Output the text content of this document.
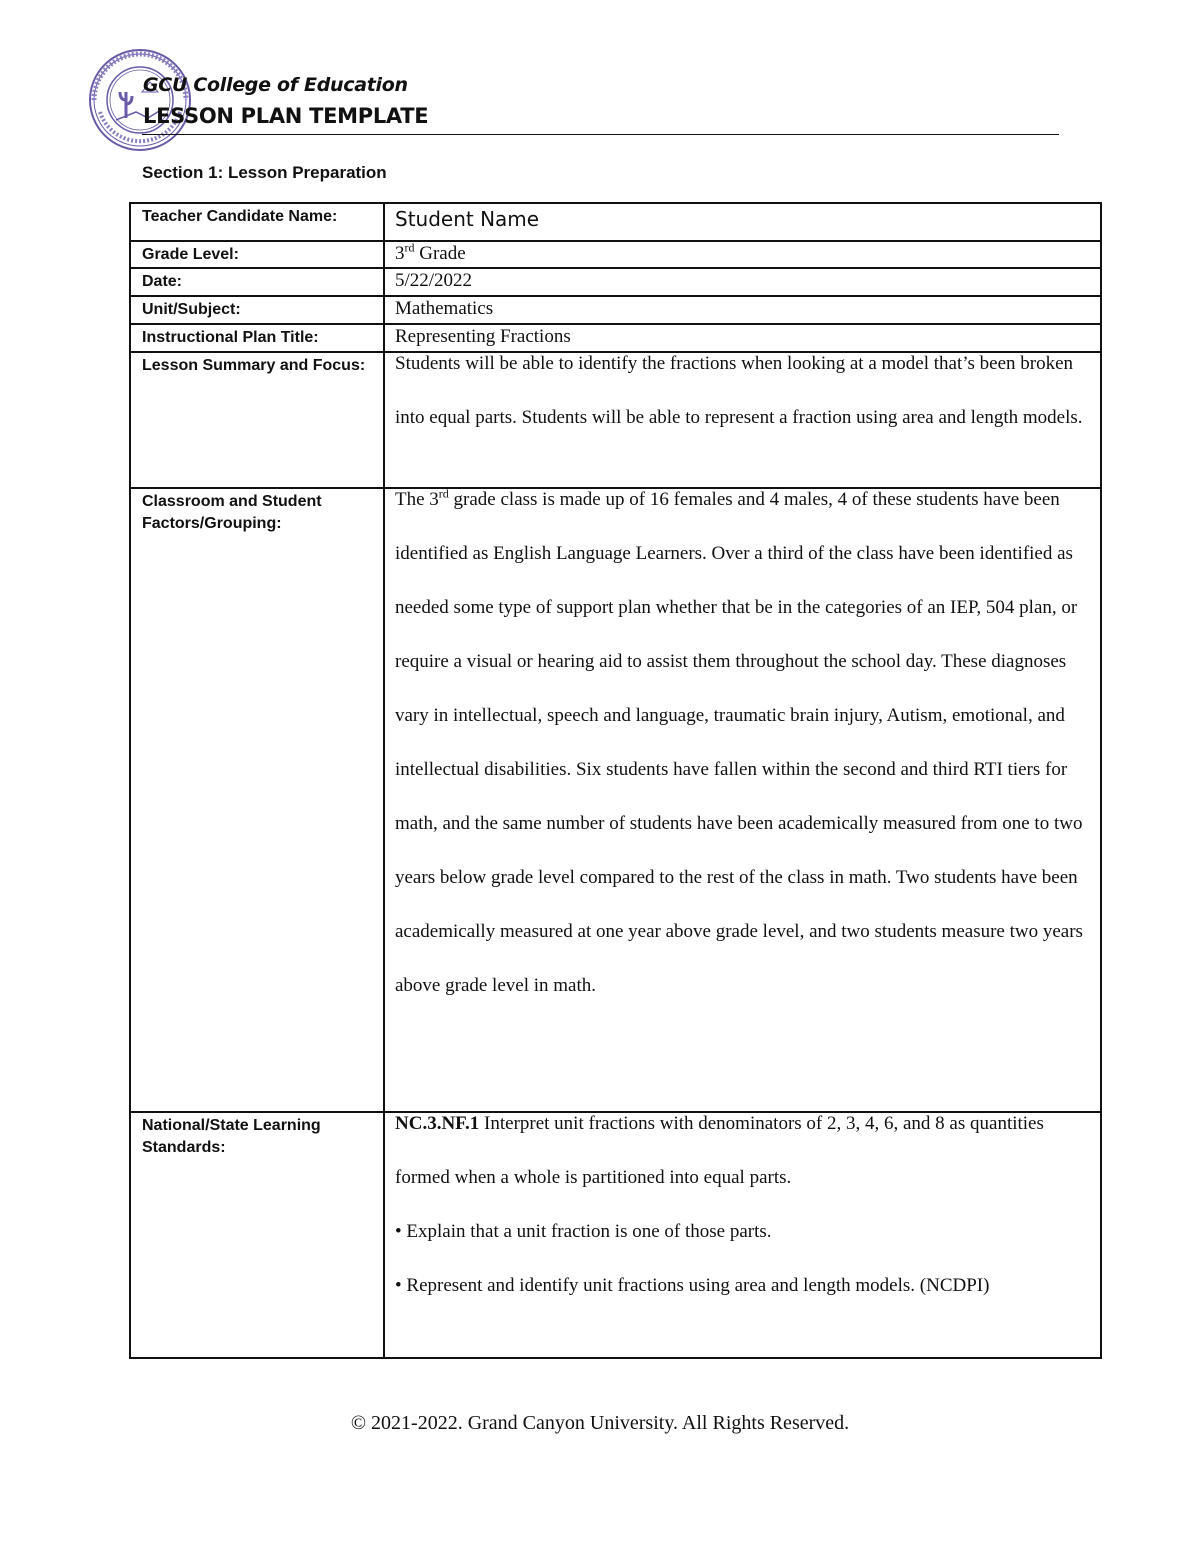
GCU College of Education
LESSON PLAN TEMPLATE
Section 1: Lesson Preparation
Teacher Candidate Name:	Student Name
Grade Level:	3rd Grade
Date:	5/22/2022
Unit/Subject:	Mathematics
Instructional Plan Title:	Representing Fractions
Lesson Summary and Focus:	Students will be able to identify the fractions when looking at a model that’s been broken into equal parts. Students will be able to represent a fraction using area and length models.

Classroom and Student Factors/Grouping:	The 3rd grade class is made up of 16 females and 4 males, 4 of these students have been identified as English Language Learners. Over a third of the class have been identified as needed some type of support plan whether that be in the categories of an IEP, 504 plan, or require a visual or hearing aid to assist them throughout the school day. These diagnoses vary in intellectual, speech and language, traumatic brain injury, Autism, emotional, and intellectual disabilities. Six students have fallen within the second and third RTI tiers for math, and the same number of students have been academically measured from one to two years below grade level compared to the rest of the class in math. Two students have been academically measured at one year above grade level, and two students measure two years above grade level in math.

National/State Learning Standards:	NC.3.NF.1 Interpret unit fractions with denominators of 2, 3, 4, 6, and 8 as quantities formed when a whole is partitioned into equal parts.

• Explain that a unit fraction is one of those parts.

• Represent and identify unit fractions using area and length models. (NCDPI)

© 2021-2022. Grand Canyon University. All Rights Reserved.
